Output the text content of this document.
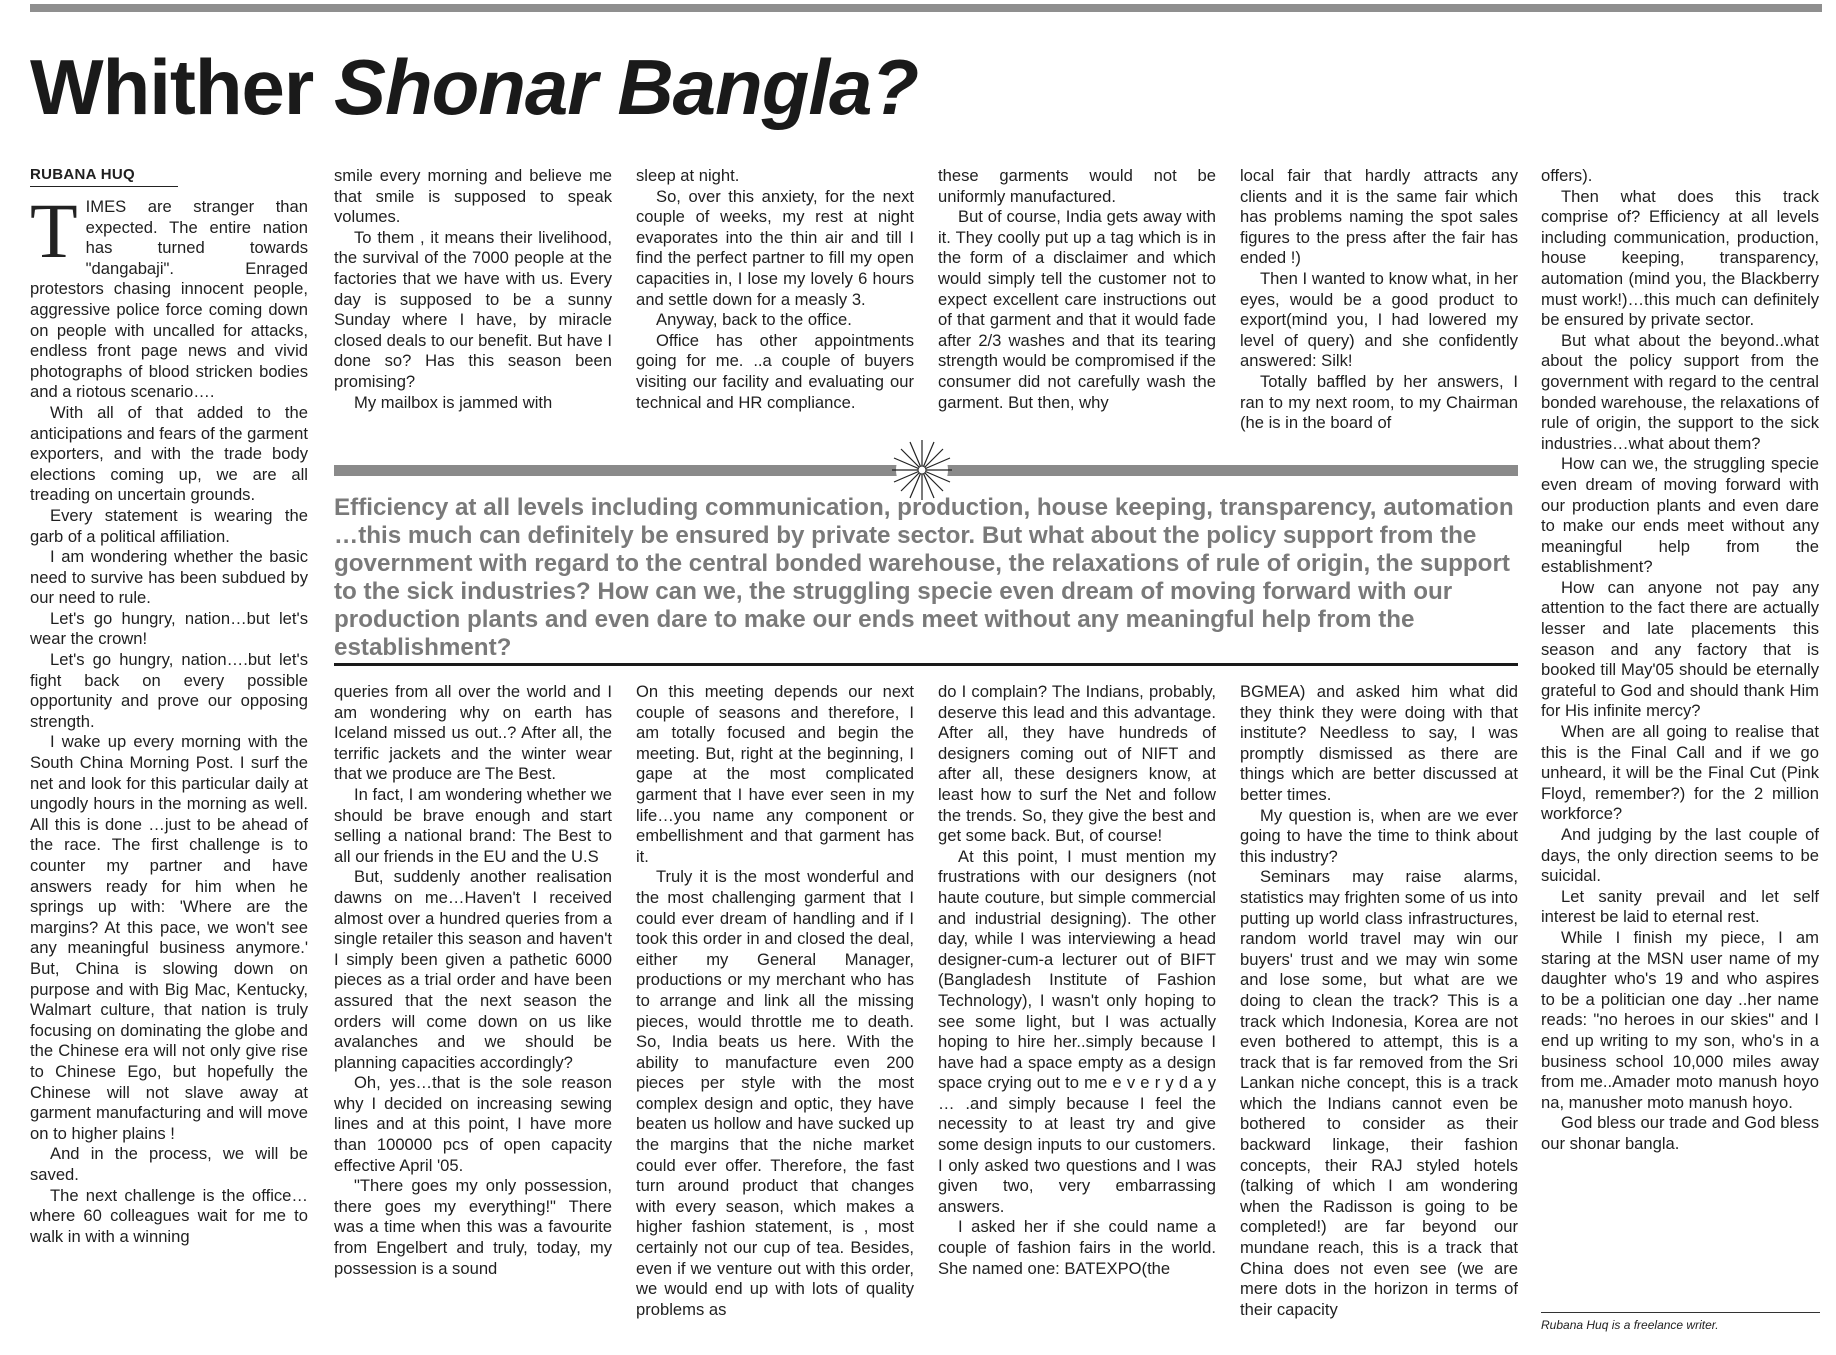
Whither Shonar Bangla?
RUBANA HUQ

TIMES are stranger than expected. The entire nation has turned towards "dangabaji". Enraged protestors chasing innocent people, aggressive police force coming down on people with uncalled for attacks, endless front page news and vivid photographs of blood stricken bodies and a riotous scenario….

With all of that added to the anticipations and fears of the garment exporters, and with the trade body elections coming up, we are all treading on uncertain grounds.

Every statement is wearing the garb of a political affiliation.

I am wondering whether the basic need to survive has been subdued by our need to rule.

Let's go hungry, nation…but let's wear the crown!

Let's go hungry, nation….but let's fight back on every possible opportunity and prove our opposing strength.

I wake up every morning with the South China Morning Post. I surf the net and look for this particular daily at ungodly hours in the morning as well. All this is done …just to be ahead of the race. The first challenge is to counter my partner and have answers ready for him when he springs up with: 'Where are the margins? At this pace, we won't see any meaningful business anymore.' But, China is slowing down on purpose and with Big Mac, Kentucky, Walmart culture, that nation is truly focusing on dominating the globe and the Chinese era will not only give rise to Chinese Ego, but hopefully the Chinese will not slave away at garment manufacturing and will move on to higher plains !

And in the process, we will be saved.

The next challenge is the office…where 60 colleagues wait for me to walk in with a winning

smile every morning and believe me that smile is supposed to speak volumes.

To them , it means their livelihood, the survival of the 7000 people at the factories that we have with us. Every day is supposed to be a sunny Sunday where I have, by miracle closed deals to our benefit. But have I done so? Has this season been promising?

My mailbox is jammed with

sleep at night.

So, over this anxiety, for the next couple of weeks, my rest at night evaporates into the thin air and till I find the perfect partner to fill my open capacities in, I lose my lovely 6 hours and settle down for a measly 3.

Anyway, back to the office.

Office has other appointments going for me. ..a couple of buyers visiting our facility and evaluating our technical and HR compliance.

these garments would not be uniformly manufactured.

But of course, India gets away with it. They coolly put up a tag which is in the form of a disclaimer and which would simply tell the customer not to expect excellent care instructions out of that garment and that it would fade after 2/3 washes and that its tearing strength would be compromised if the consumer did not carefully wash the garment. But then, why

local fair that hardly attracts any clients and it is the same fair which has problems naming the spot sales figures to the press after the fair has ended !)

Then I wanted to know what, in her eyes, would be a good product to export(mind you, I had lowered my level of query) and she confidently answered: Silk!

Totally baffled by her answers, I ran to my next room, to my Chairman (he is in the board of

Efficiency at all levels including communication, production, house keeping, transparency, automation …this much can definitely be ensured by private sector. But what about the policy support from the government with regard to the central bonded warehouse, the relaxations of rule of origin, the support to the sick industries? How can we, the struggling specie even dream of moving forward with our production plants and even dare to make our ends meet without any meaningful help from the establishment?

queries from all over the world and I am wondering why on earth has Iceland missed us out..? After all, the terrific jackets and the winter wear that we produce are The Best.

In fact, I am wondering whether we should be brave enough and start selling a national brand: The Best to all our friends in the EU and the U.S

But, suddenly another realisation dawns on me…Haven't I received almost over a hundred queries from a single retailer this season and haven't I simply been given a pathetic 6000 pieces as a trial order and have been assured that the next season the orders will come down on us like avalanches and we should be planning capacities accordingly?

Oh, yes…that is the sole reason why I decided on increasing sewing lines and at this point, I have more than 100000 pcs of open capacity effective April '05.

"There goes my only possession, there goes my everything!" There was a time when this was a favourite from Engelbert and truly, today, my possession is a sound

On this meeting depends our next couple of seasons and therefore, I am totally focused and begin the meeting. But, right at the beginning, I gape at the most complicated garment that I have ever seen in my life…you name any component or embellishment and that garment has it.

Truly it is the most wonderful and the most challenging garment that I could ever dream of handling and if I took this order in and closed the deal, either my General Manager, productions or my merchant who has to arrange and link all the missing pieces, would throttle me to death. So, India beats us here. With the ability to manufacture even 200 pieces per style with the most complex design and optic, they have beaten us hollow and have sucked up the margins that the niche market could ever offer. Therefore, the fast turn around product that changes with every season, which makes a higher fashion statement, is , most certainly not our cup of tea. Besides, even if we venture out with this order, we would end up with lots of quality problems as

do I complain? The Indians, probably, deserve this lead and this advantage. After all, they have hundreds of designers coming out of NIFT and after all, these designers know, at least how to surf the Net and follow the trends. So, they give the best and get some back. But, of course!

At this point, I must mention my frustrations with our designers (not haute couture, but simple commercial and industrial designing). The other day, while I was interviewing a head designer-cum-a lecturer out of BIFT (Bangladesh Institute of Fashion Technology), I wasn't only hoping to see some light, but I was actually hoping to hire her..simply because I have had a space empty as a design space crying out to me e v e r y d a y … .and simply because I feel the necessity to at least try and give some design inputs to our customers. I only asked two questions and I was given two, very embarrassing answers.

I asked her if she could name a couple of fashion fairs in the world. She named one: BATEXPO(the

BGMEA) and asked him what did they think they were doing with that institute? Needless to say, I was promptly dismissed as there are things which are better discussed at better times.

My question is, when are we ever going to have the time to think about this industry?

Seminars may raise alarms, statistics may frighten some of us into putting up world class infrastructures, random world travel may win our buyers' trust and we may win some and lose some, but what are we doing to clean the track? This is a track which Indonesia, Korea are not even bothered to attempt, this is a track that is far removed from the Sri Lankan niche concept, this is a track which the Indians cannot even be bothered to consider as their backward linkage, their fashion concepts, their RAJ styled hotels (talking of which I am wondering when the Radisson is going to be completed!) are far beyond our mundane reach, this is a track that China does not even see (we are mere dots in the horizon in terms of their capacity

offers).

Then what does this track comprise of? Efficiency at all levels including communication, production, house keeping, transparency, automation (mind you, the Blackberry must work!)…this much can definitely be ensured by private sector.

But what about the beyond..what about the policy support from the government with regard to the central bonded warehouse, the relaxations of rule of origin, the support to the sick industries…what about them?

How can we, the struggling specie even dream of moving forward with our production plants and even dare to make our ends meet without any meaningful help from the establishment?

How can anyone not pay any attention to the fact there are actually lesser and late placements this season and any factory that is booked till May'05 should be eternally grateful to God and should thank Him for His infinite mercy?

When are all going to realise that this is the Final Call and if we go unheard, it will be the Final Cut (Pink Floyd, remember?) for the 2 million workforce?

And judging by the last couple of days, the only direction seems to be suicidal.

Let sanity prevail and let self interest be laid to eternal rest.

While I finish my piece, I am staring at the MSN user name of my daughter who's 19 and who aspires to be a politician one day ..her name reads: "no heroes in our skies" and I end up writing to my son, who's in a business school 10,000 miles away from me..Amader moto manush hoyo na, manusher moto manush hoyo.

God bless our trade and God bless our shonar bangla.

Rubana Huq is a freelance writer.
